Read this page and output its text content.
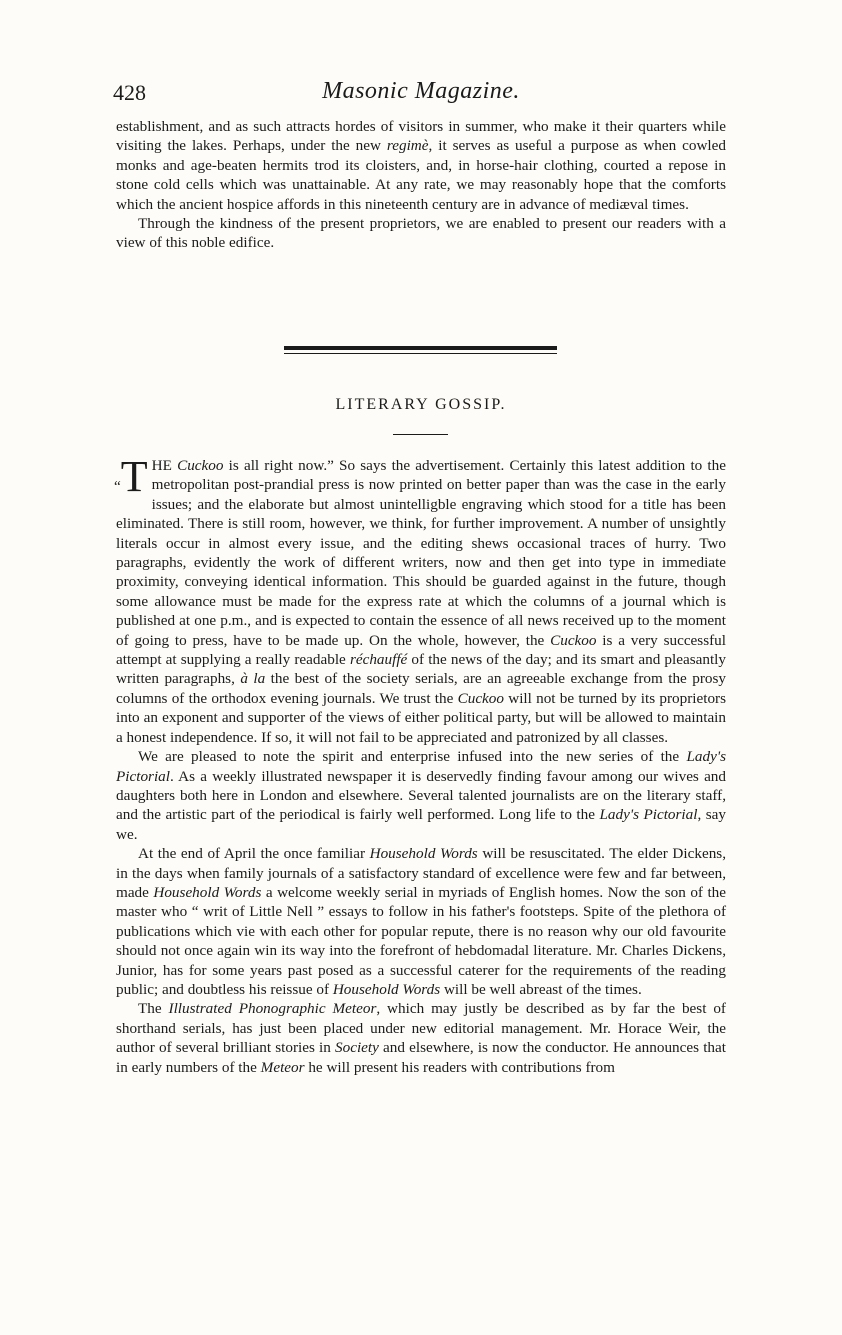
428	Masonic Magazine.

establishment, and as such attracts hordes of visitors in summer, who make it their quarters while visiting the lakes. Perhaps, under the new regimè, it serves as useful a purpose as when cowled monks and age-beaten hermits trod its cloisters, and, in horse-hair clothing, courted a repose in stone cold cells which was unattainable. At any rate, we may reasonably hope that the comforts which the ancient hospice affords in this nineteenth century are in advance of mediæval times.

Through the kindness of the present proprietors, we are enabled to present our readers with a view of this noble edifice.

LITERARY GOSSIP.

“T HE Cuckoo is all right now.” So says the advertisement. Certainly this latest addition to the metropolitan post-prandial press is now printed on better paper than was the case in the early issues; and the elaborate but almost unintelligble engraving which stood for a title has been eliminated. There is still room, however, we think, for further improvement. A number of unsightly literals occur in almost every issue, and the editing shews occasional traces of hurry. Two paragraphs, evidently the work of different writers, now and then get into type in immediate proximity, conveying identical information. This should be guarded against in the future, though some allowance must be made for the express rate at which the columns of a journal which is published at one p.m., and is expected to contain the essence of all news received up to the moment of going to press, have to be made up. On the whole, however, the Cuckoo is a very successful attempt at supplying a really readable réchauffé of the news of the day; and its smart and pleasantly written paragraphs, à la the best of the society serials, are an agreeable exchange from the prosy columns of the orthodox evening journals. We trust the Cuckoo will not be turned by its proprietors into an exponent and supporter of the views of either political party, but will be allowed to maintain a honest independence. If so, it will not fail to be appreciated and patronized by all classes.

We are pleased to note the spirit and enterprise infused into the new series of the Lady's Pictorial. As a weekly illustrated newspaper it is deservedly finding favour among our wives and daughters both here in London and elsewhere. Several talented journalists are on the literary staff, and the artistic part of the periodical is fairly well performed. Long life to the Lady's Pictorial, say we.

At the end of April the once familiar Household Words will be resuscitated. The elder Dickens, in the days when family journals of a satisfactory standard of excellence were few and far between, made Household Words a welcome weekly serial in myriads of English homes. Now the son of the master who “ writ of Little Nell ” essays to follow in his father's footsteps. Spite of the plethora of publications which vie with each other for popular repute, there is no reason why our old favourite should not once again win its way into the forefront of hebdomadal literature. Mr. Charles Dickens, Junior, has for some years past posed as a successful caterer for the requirements of the reading public; and doubtless his reissue of Household Words will be well abreast of the times.

The Illustrated Phonographic Meteor, which may justly be described as by far the best of shorthand serials, has just been placed under new editorial management. Mr. Horace Weir, the author of several brilliant stories in Society and elsewhere, is now the conductor. He announces that in early numbers of the Meteor he will present his readers with contributions from
